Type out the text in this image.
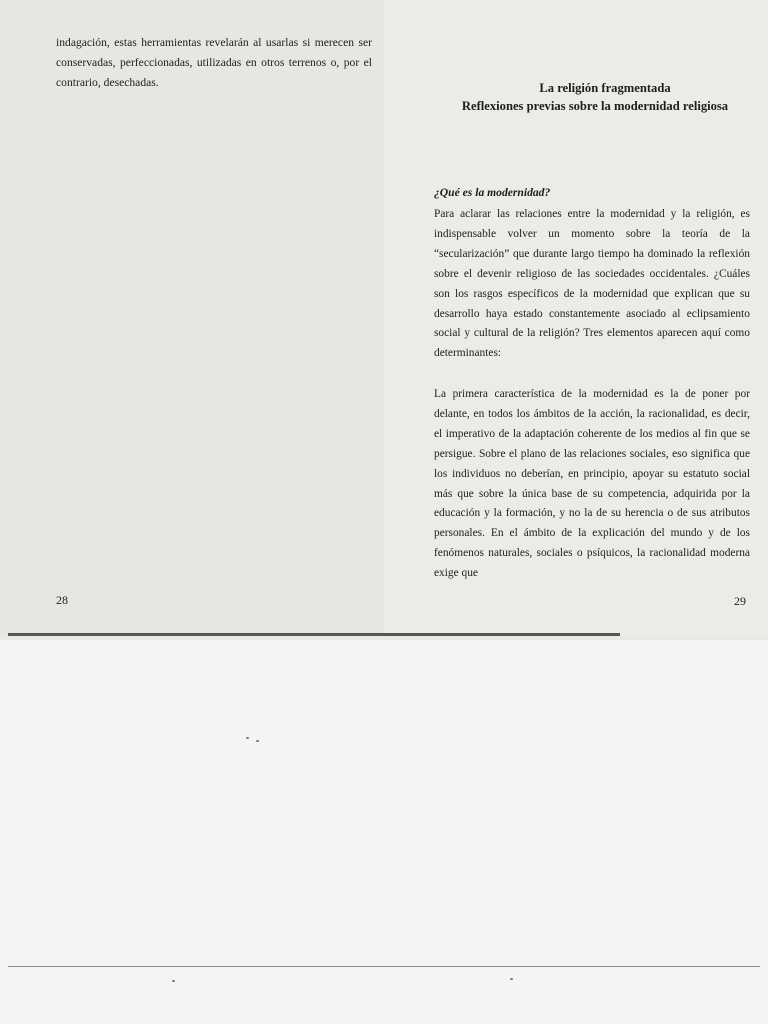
indagación, estas herramientas revelarán al usarlas si merecen ser conservadas, perfeccionadas, utilizadas en otros terrenos o, por el contrario, desechadas.

28
La religión fragmentada
Reflexiones previas sobre la modernidad religiosa
¿Qué es la modernidad?

Para aclarar las relaciones entre la modernidad y la religión, es indispensable volver un momento sobre la teoría de la “secularización” que durante largo tiempo ha dominado la reflexión sobre el devenir religioso de las sociedades occidentales. ¿Cuáles son los rasgos específicos de la modernidad que explican que su desarrollo haya estado constantemente asociado al eclipsamiento social y cultural de la religión? Tres elementos aparecen aquí como determinantes:

La primera característica de la modernidad es la de poner por delante, en todos los ámbitos de la acción, la racionalidad, es decir, el imperativo de la adaptación coherente de los medios al fin que se persigue. Sobre el plano de las relaciones sociales, eso significa que los individuos no deberían, en principio, apoyar su estatuto social más que sobre la única base de su competencia, adquirida por la educación y la formación, y no la de su herencia o de sus atributos personales. En el ámbito de la explicación del mundo y de los fenómenos naturales, sociales o psíquicos, la racionalidad moderna exige que

29
